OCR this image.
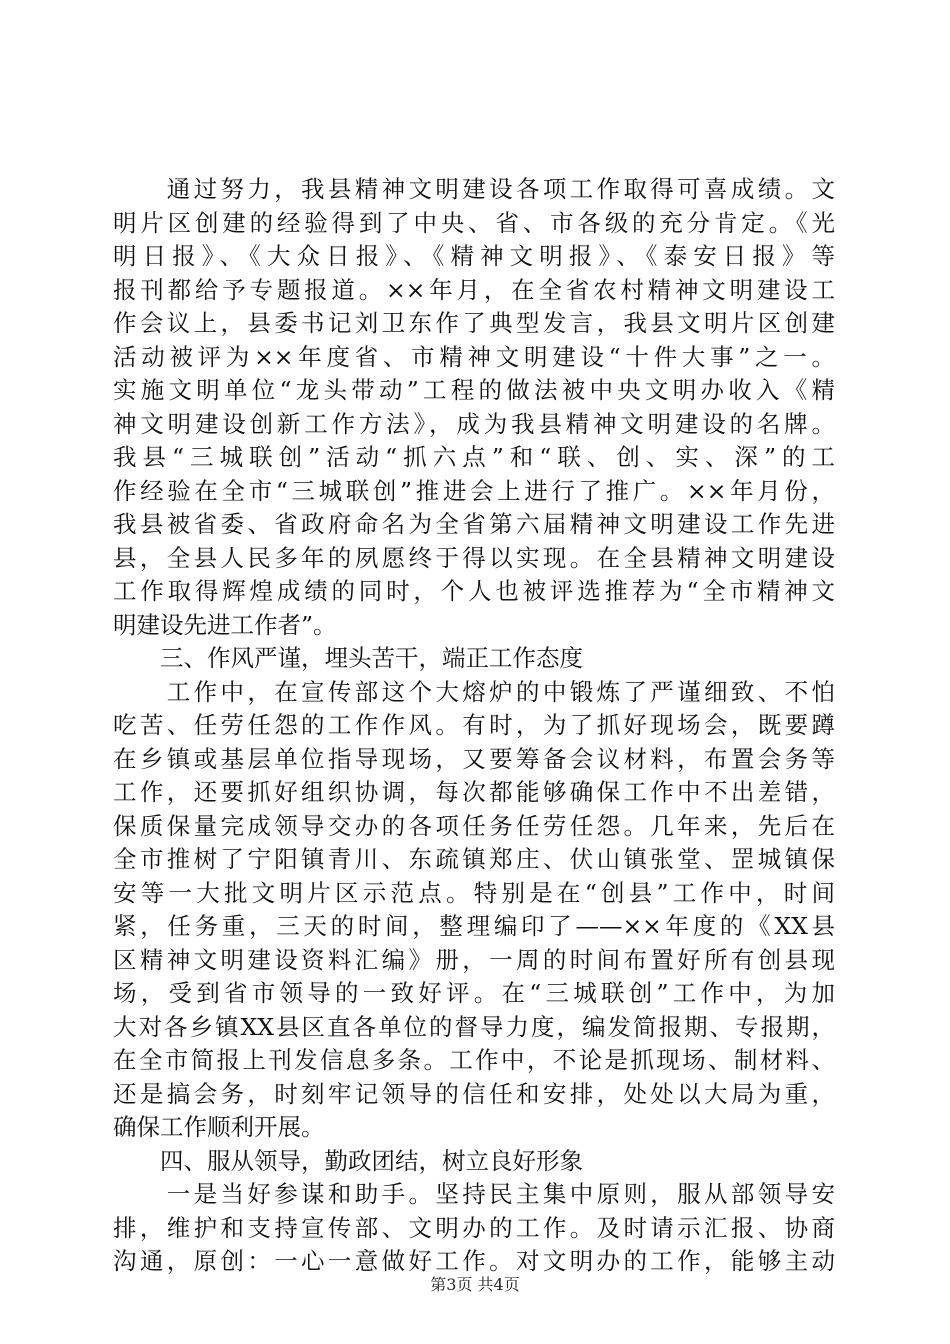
　　通过努力，我县精神文明建设各项工作取得可喜成绩。文
明片区创建的经验得到了中央、省、市各级的充分肯定。《光
明日报》、《大众日报》、《精神文明报》、《泰安日报》等
报刊都给予专题报道。××年月，在全省农村精神文明建设工
作会议上，县委书记刘卫东作了典型发言，我县文明片区创建
活动被评为××年度省、市精神文明建设“十件大事”之一。
实施文明单位“龙头带动”工程的做法被中央文明办收入《精
神文明建设创新工作方法》，成为我县精神文明建设的名牌。
我县“三城联创”活动“抓六点”和“联、创、实、深”的工
作经验在全市“三城联创”推进会上进行了推广。××年月份，
我县被省委、省政府命名为全省第六届精神文明建设工作先进
县，全县人民多年的夙愿终于得以实现。在全县精神文明建设
工作取得辉煌成绩的同时，个人也被评选推荐为“全市精神文
明建设先进工作者”。
　　三、作风严谨，埋头苦干，端正工作态度
　　工作中，在宣传部这个大熔炉的中锻炼了严谨细致、不怕
吃苦、任劳任怨的工作作风。有时，为了抓好现场会，既要蹲
在乡镇或基层单位指导现场，又要筹备会议材料，布置会务等
工作，还要抓好组织协调，每次都能够确保工作中不出差错，
保质保量完成领导交办的各项任务任劳任怨。几年来，先后在
全市推树了宁阳镇青川、东疏镇郑庄、伏山镇张堂、罡城镇保
安等一大批文明片区示范点。特别是在“创县”工作中，时间
紧，任务重，三天的时间，整理编印了——××年度的《XX县
区精神文明建设资料汇编》册，一周的时间布置好所有创县现
场，受到省市领导的一致好评。在“三城联创”工作中，为加
大对各乡镇XX县区直各单位的督导力度，编发简报期、专报期，
在全市简报上刊发信息多条。工作中，不论是抓现场、制材料、
还是搞会务，时刻牢记领导的信任和安排，处处以大局为重，
确保工作顺利开展。
　　四、服从领导，勤政团结，树立良好形象
　　一是当好参谋和助手。坚持民主集中原则，服从部领导安
排，维护和支持宣传部、文明办的工作。及时请示汇报、协商
沟通，原创：一心一意做好工作。对文明办的工作，能够主动
第3页 共4页
